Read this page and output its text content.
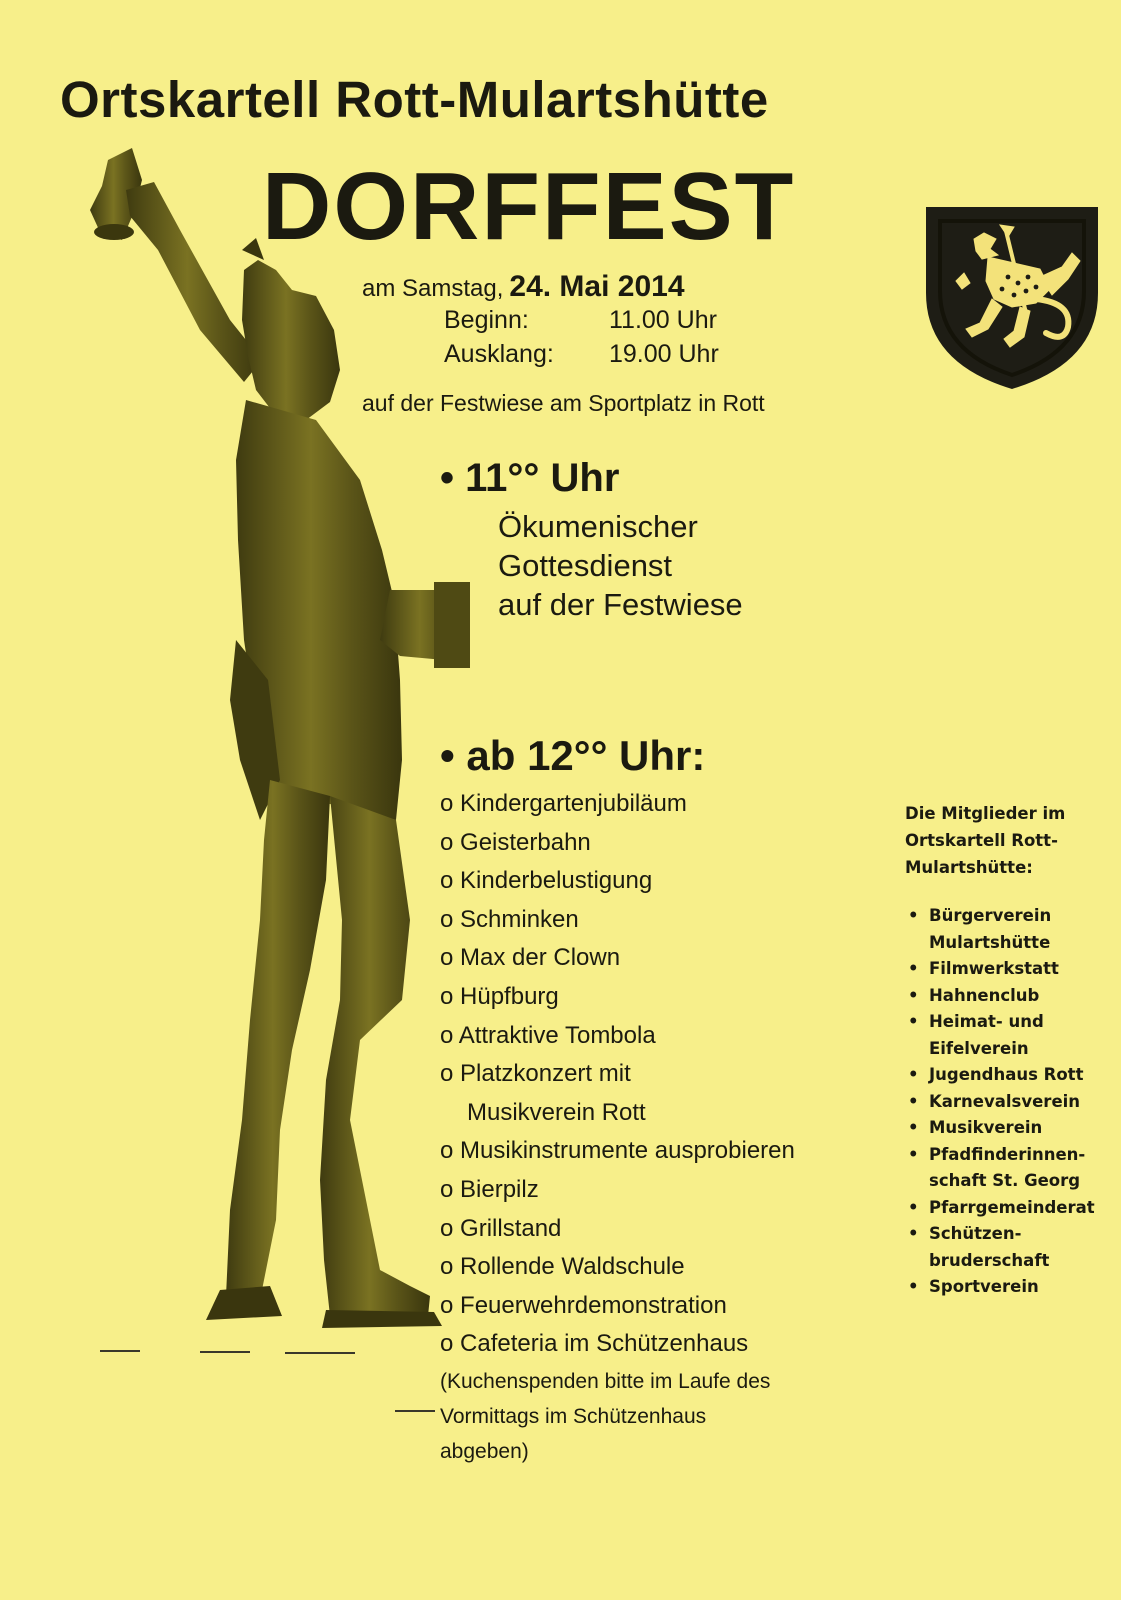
Ortskartell Rott-Mulartshütte
DORFFEST
am Samstag, 24. Mai 2014
Beginn:	11.00 Uhr
Ausklang: 19.00 Uhr
auf der Festwiese am Sportplatz in Rott
• 11°° Uhr
Ökumenischer
Gottesdienst
auf der Festwiese
• ab 12°° Uhr:
o Kindergartenjubiläum
o Geisterbahn
o Kinderbelustigung
o Schminken
o Max der Clown
o Hüpfburg
o Attraktive Tombola
o Platzkonzert mit
Musikverein Rott
o Musikinstrumente ausprobieren
o Bierpilz
o Grillstand
o Rollende Waldschule
o Feuerwehrdemonstration
o Cafeteria im Schützenhaus
(Kuchenspenden bitte im Laufe des
Vormittags im Schützenhaus
abgeben)
Die Mitglieder im
Ortskartell Rott-
Mulartshütte:
• Bürgerverein
Mulartshütte
• Filmwerkstatt
• Hahnenclub
• Heimat- und
Eifelverein
• Jugendhaus Rott
• Karnevalsverein
• Musikverein
• Pfadfinderinnen-
schaft St. Georg
• Pfarrgemeinderat
• Schützen-
bruderschaft
• Sportverein
